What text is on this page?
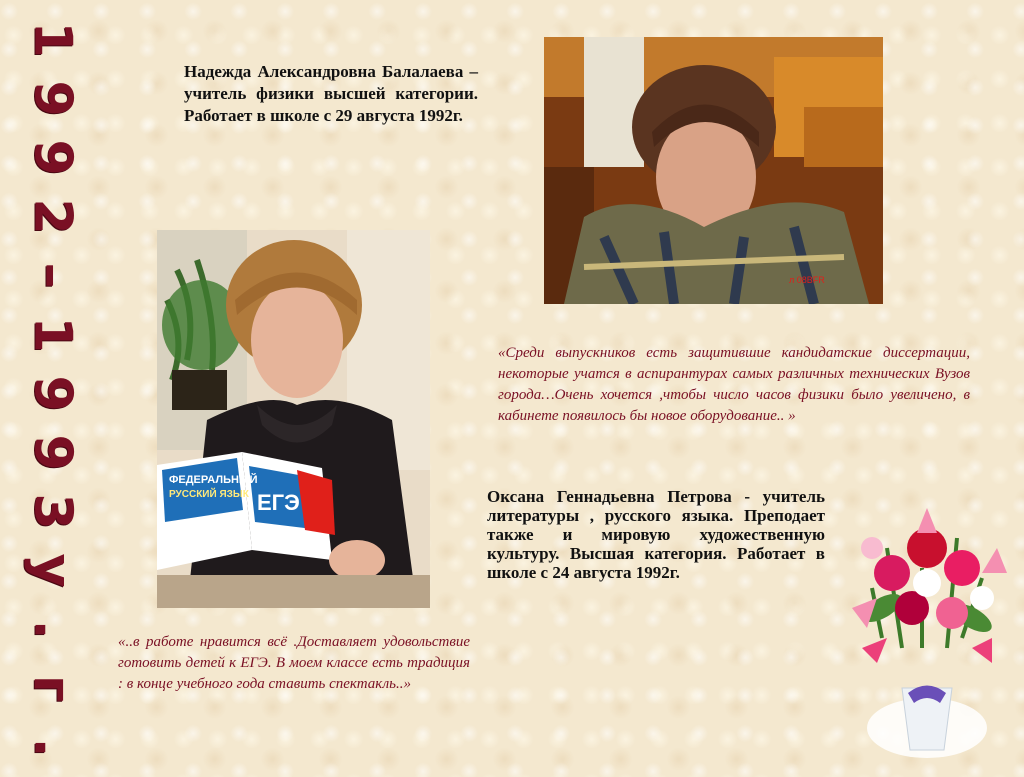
1
9
9
2
–
1
9
9
3
у
.
г
.
Надежда Александровна Балалаева – учитель физики высшей категории. Работает в школе с 29 августа 1992г.
л 08BFR
«Среди выпускников есть защитившие кандидатские диссертации, некоторые учатся в аспирантурах самых различных технических Вузов города…Очень хочется ,чтобы число часов физики было увеличено, в кабинете появилось бы новое оборудование.. »
ФЕДЕРАЛЬНЫЙ
РУССКИЙ ЯЗЫК ЕГЭ	Оксана Геннадьевна Петрова - учитель литературы , русского языка. Преподает также и мировую художественную культуру. Высшая категория. Работает в школе с 24 августа 1992г.
«..в работе нравится всё .Доставляет удовольствие готовить детей к ЕГЭ. В моем классе есть традиция : в конце учебного года ставить спектакль..»
